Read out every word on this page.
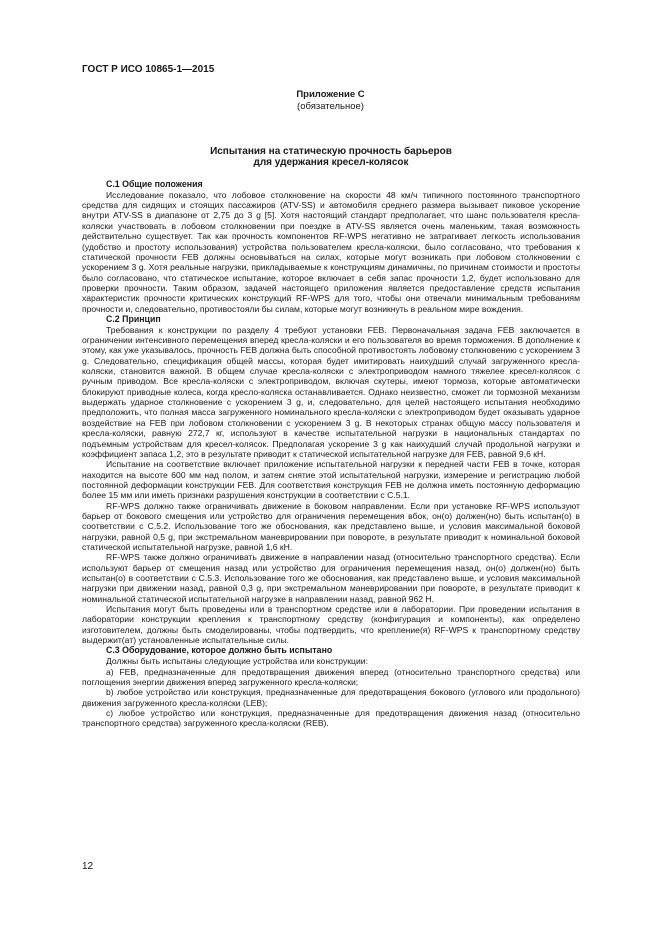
ГОСТ Р ИСО 10865-1—2015
Приложение С
(обязательное)
Испытания на статическую прочность барьеров
для удержания кресел-колясок
С.1 Общие положения

Исследование показало, что лобовое столкновение на скорости 48 км/ч типичного постоянного транспортного средства для сидящих и стоящих пассажиров (ATV-SS) и автомобиля среднего размера вызывает пиковое ускорение внутри ATV-SS в диапазоне от 2,75 до 3 g [5]. Хотя настоящий стандарт предполагает, что шанс пользователя кресла-коляски участвовать в лобовом столкновении при поездке в ATV-SS является очень маленьким, такая возможность действительно существует. Так как прочность компонентов RF-WPS негативно не затрагивает легкость использования (удобство и простоту использования) устройства пользователем кресла-коляски, было согласовано, что требования к статической прочности FEB должны основываться на силах, которые могут возникать при лобовом столкновении с ускорением 3 g. Хотя реальные нагрузки, прикладываемые к конструкциям динамичны, по причинам стоимости и простоты было согласовано, что статическое испытание, которое включает в себя запас прочности 1,2, будет использовано для проверки прочности. Таким образом, задачей настоящего приложения является предоставление средств испытания характеристик прочности критических конструкций RF-WPS для того, чтобы они отвечали минимальным требованиям прочности и, следовательно, противостояли бы силам, которые могут возникнуть в реальном мире вождения.

С.2 Принцип

Требования к конструкции по разделу 4 требуют установки FEB. Первоначальная задача FEB заключается в ограничении интенсивного перемещения вперед кресла-коляски и его пользователя во время торможения. В дополнение к этому, как уже указывалось, прочность FEB должна быть способной противостоять лобовому столкновению с ускорением 3 g. Следовательно, спецификация общей массы, которая будет имитировать наихудший случай загруженного кресла-коляски, становится важной. В общем случае кресла-коляски с электроприводом намного тяжелее кресел-колясок с ручным приводом. Все кресла-коляски с электроприводом, включая скутеры, имеют тормоза, которые автоматически блокируют приводные колеса, когда кресло-коляска останавливается. Однако неизвестно, сможет ли тормозной механизм выдержать ударное столкновение с ускорением 3 g, и, следовательно, для целей настоящего испытания необходимо предположить, что полная масса загруженного номинального кресла-коляски с электроприводом будет оказывать ударное воздействие на FEB при лобовом столкновении с ускорением 3 g. В некоторых странах общую массу пользователя и кресла-коляски, равную 272,7 кг, используют в качестве испытательной нагрузки в национальных стандартах по подъемным устройствам для кресел-колясок. Предполагая ускорение 3 g как наихудший случай продольной нагрузки и коэффициент запаса 1,2, это в результате приводит к статической испытательной нагрузке для FEB, равной 9,6 кН.

Испытание на соответствие включает приложение испытательной нагрузки к передней части FEB в точке, которая находится на высоте 600 мм над полом, и затем снятие этой испытательной нагрузки, измерение и регистрацию любой постоянной деформации конструкции FEB. Для соответствия конструкция FEB не должна иметь постоянную деформацию более 15 мм или иметь признаки разрушения конструкции в соответствии с С.5.1.

RF-WPS должно также ограничивать движение в боковом направлении. Если при установке RF-WPS используют барьер от бокового смещения или устройство для ограничения перемещения вбок, он(о) должен(но) быть испытан(о) в соответствии с С.5.2. Использование того же обоснования, как представлено выше, и условия максимальной боковой нагрузки, равной 0,5 g, при экстремальном маневрировании при повороте, в результате приводит к номинальной боковой статической испытательной нагрузке, равной 1,6 кН.

RF-WPS также должно ограничивать движение в направлении назад (относительно транспортного средства). Если используют барьер от смещения назад или устройство для ограничения перемещения назад, он(о) должен(но) быть испытан(о) в соответствии с С.5.3. Использование того же обоснования, как представлено выше, и условия максимальной нагрузки при движении назад, равной 0,3 g, при экстремальном маневрировании при повороте, в результате приводит к номинальной статической испытательной нагрузке в направлении назад, равной 962 Н.

Испытания могут быть проведены или в транспортном средстве или в лаборатории. При проведении испытания в лаборатории конструкции крепления к транспортному средству (конфигурация и компоненты), как определено изготовителем, должны быть смоделированы, чтобы подтвердить, что крепление(я) RF-WPS к транспортному средству выдержит(ат) установленные испытательные силы.

С.3 Оборудование, которое должно быть испытано

Должны быть испытаны следующие устройства или конструкции:

а) FEB, предназначенные для предотвращения движения вперед (относительно транспортного средства) или поглощения энергии движения вперед загруженного кресла-коляски;

b) любое устройство или конструкция, предназначенные для предотвращения бокового (углового или продольного) движения загруженного кресла-коляски (LEB);

с) любое устройство или конструкция, предназначенные для предотвращения движения назад (относительно транспортного средства) загруженного кресла-коляски (REB).

12
